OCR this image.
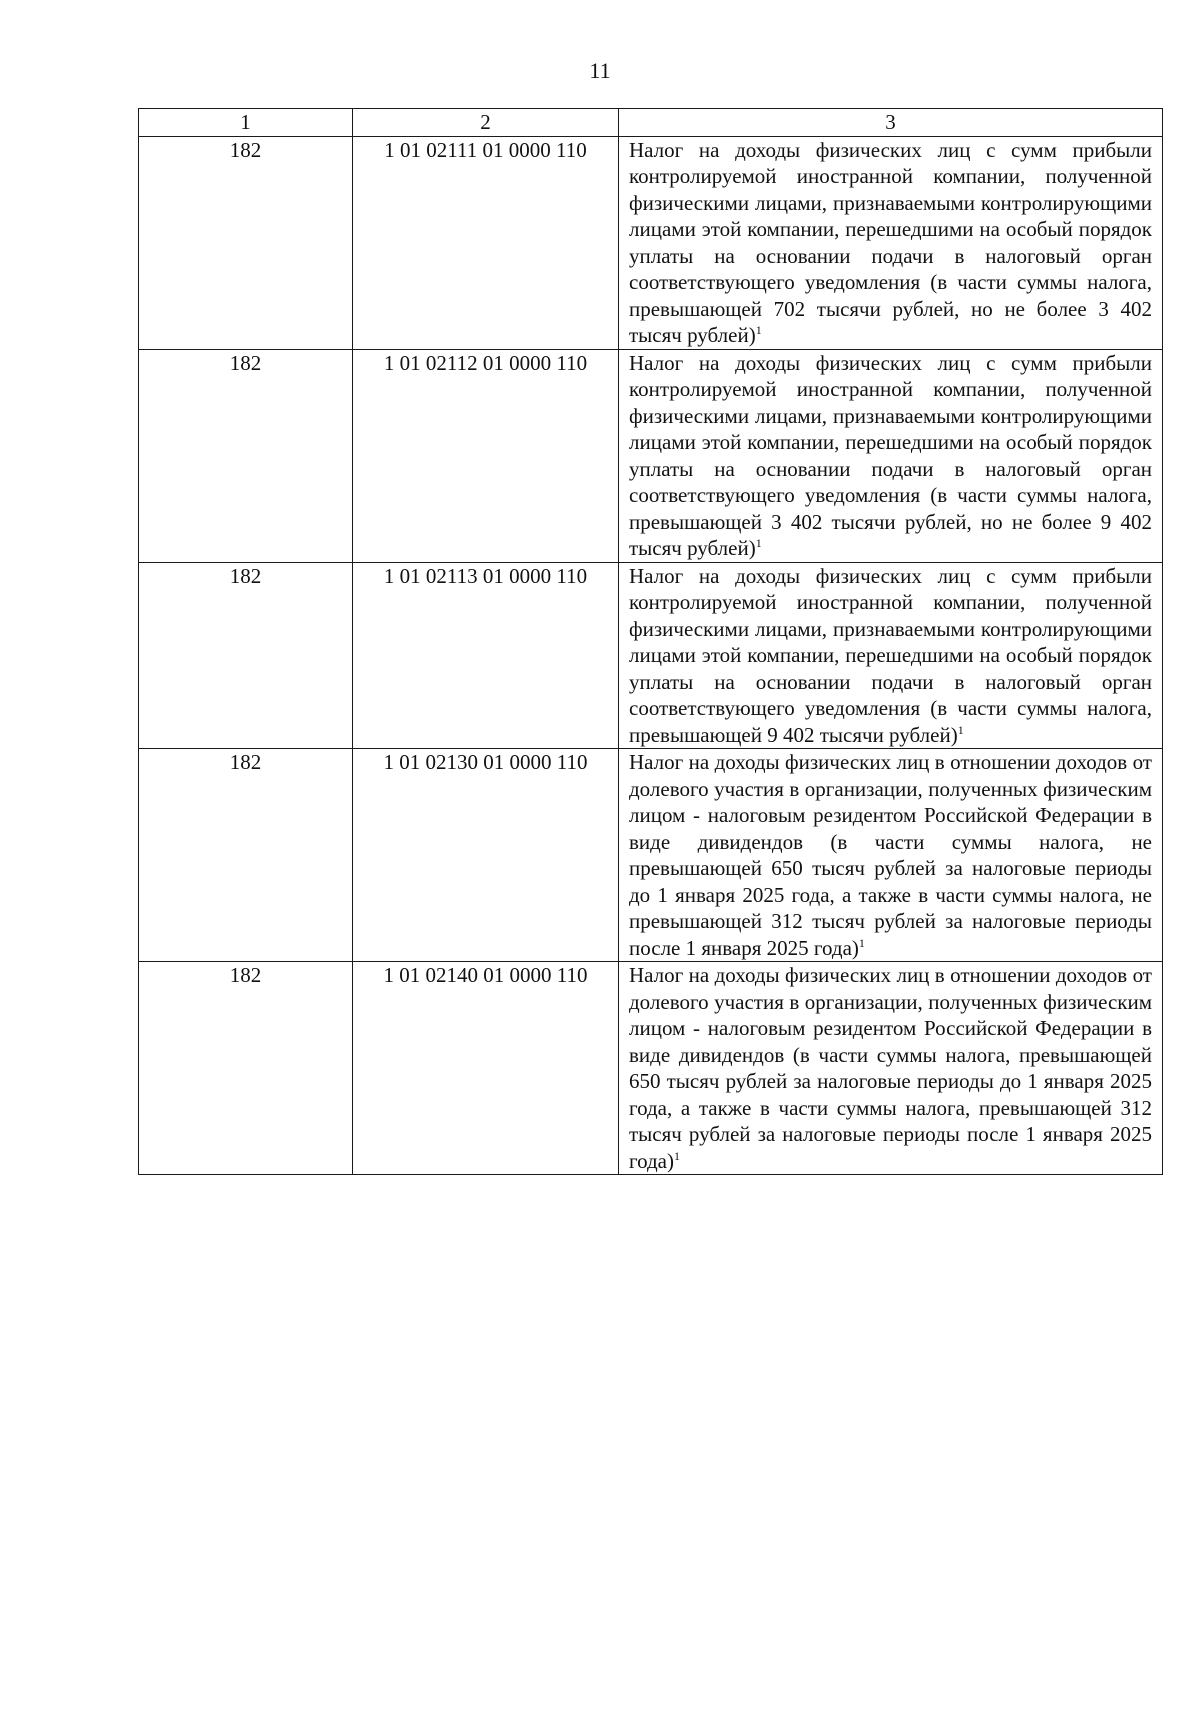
11
1	2	3
182	1 01 02111 01 0000 110	Налог на доходы физических лиц с сумм прибыли контролируемой иностранной компании, полученной физическими лицами, признаваемыми контролирующими лицами этой компании, перешедшими на особый порядок уплаты на основании подачи в налоговый орган соответствующего уведомления (в части суммы налога, превышающей 702 тысячи рублей, но не более 3 402 тысяч рублей)$^1$
182	1 01 02112 01 0000 110	Налог на доходы физических лиц с сумм прибыли контролируемой иностранной компании, полученной физическими лицами, признаваемыми контролирующими лицами этой компании, перешедшими на особый порядок уплаты на основании подачи в налоговый орган соответствующего уведомления (в части суммы налога, превышающей 3 402 тысячи рублей, но не более 9 402 тысяч рублей)$^1$
182	1 01 02113 01 0000 110	Налог на доходы физических лиц с сумм прибыли контролируемой иностранной компании, полученной физическими лицами, признаваемыми контролирующими лицами этой компании, перешедшими на особый порядок уплаты на основании подачи в налоговый орган соответствующего уведомления (в части суммы налога, превышающей 9 402 тысячи рублей)$^1$
182	1 01 02130 01 0000 110	Налог на доходы физических лиц в отношении доходов от долевого участия в организации, полученных физическим лицом - налоговым резидентом Российской Федерации в виде дивидендов (в части суммы налога, не превышающей 650 тысяч рублей за налоговые периоды до 1 января 2025 года, а также в части суммы налога, не превышающей 312 тысяч рублей за налоговые периоды после 1 января 2025 года)$^1$
182	1 01 02140 01 0000 110	Налог на доходы физических лиц в отношении доходов от долевого участия в организации, полученных физическим лицом - налоговым резидентом Российской Федерации в виде дивидендов (в части суммы налога, превышающей 650 тысяч рублей за налоговые периоды до 1 января 2025 года, а также в части суммы налога, превышающей 312 тысяч рублей за налоговые периоды после 1 января 2025 года)$^1$
